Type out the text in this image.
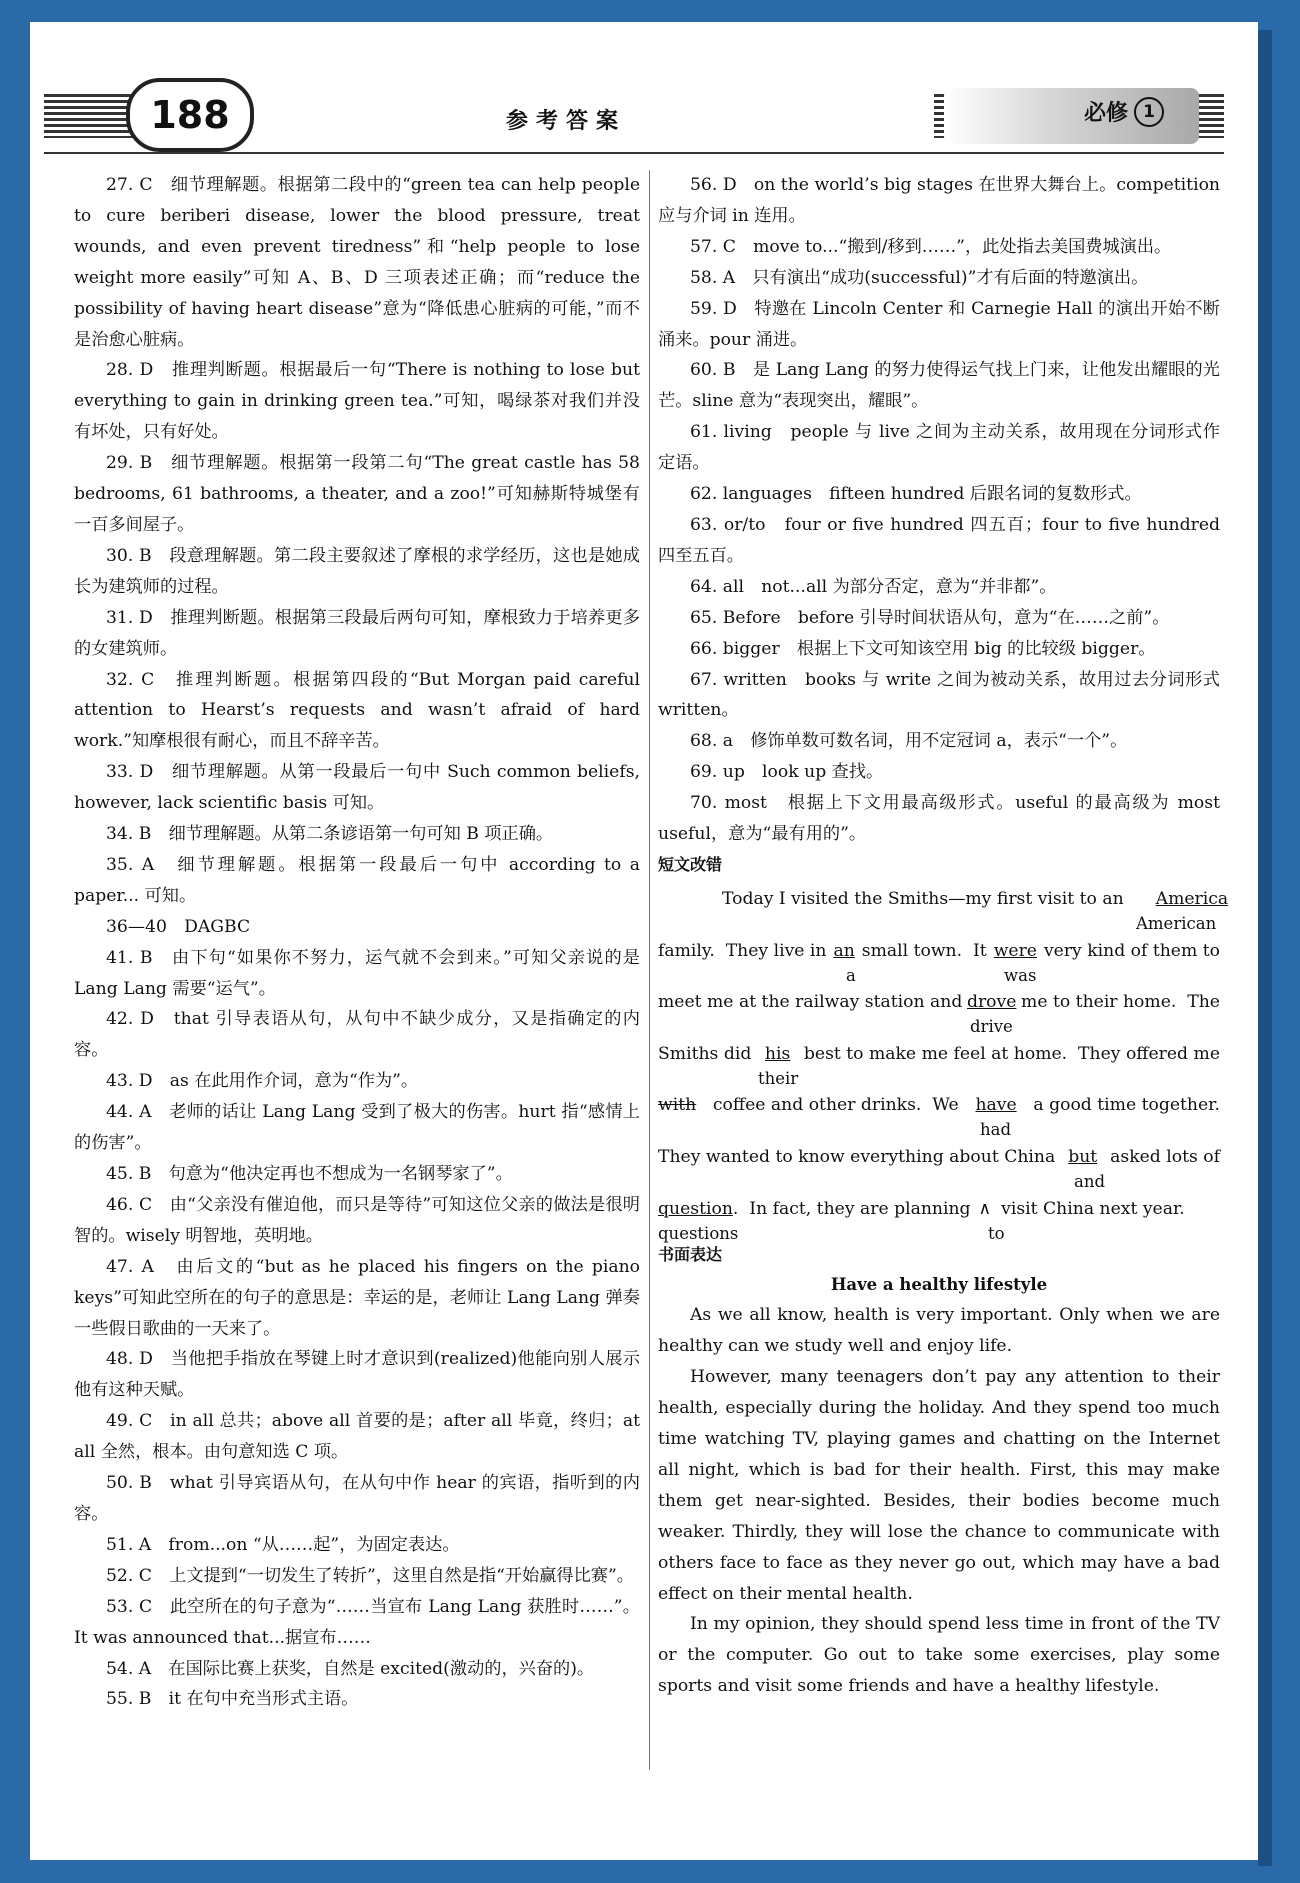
188	参考答案	必修 1

27. C　细节理解题。根据第二段中的“green tea can help people to cure beriberi disease, lower the blood pressure, treat wounds, and even prevent tiredness”和“help people to lose weight more easily”可知 A、B、D 三项表述正确；而“reduce the possibility of having heart disease”意为“降低患心脏病的可能，”而不是治愈心脏病。

28. D　推理判断题。根据最后一句“There is nothing to lose but everything to gain in drinking green tea.”可知，喝绿茶对我们并没有坏处，只有好处。

29. B　细节理解题。根据第一段第二句“The great castle has 58 bedrooms, 61 bathrooms, a theater, and a zoo!”可知赫斯特城堡有一百多间屋子。

30. B　段意理解题。第二段主要叙述了摩根的求学经历，这也是她成长为建筑师的过程。

31. D　推理判断题。根据第三段最后两句可知，摩根致力于培养更多的女建筑师。

32. C　推理判断题。根据第四段的“But Morgan paid careful attention to Hearst’s requests and wasn’t afraid of hard work.”知摩根很有耐心，而且不辞辛苦。

33. D　细节理解题。从第一段最后一句中 Such common beliefs, however, lack scientific basis 可知。

34. B　细节理解题。从第二条谚语第一句可知 B 项正确。

35. A　细节理解题。根据第一段最后一句中 according to a paper... 可知。

36—40　DAGBC

41. B　由下句“如果你不努力，运气就不会到来。”可知父亲说的是 Lang Lang 需要“运气”。

42. D　that 引导表语从句，从句中不缺少成分，又是指确定的内容。

43. D　as 在此用作介词，意为“作为”。

44. A　老师的话让 Lang Lang 受到了极大的伤害。hurt 指“感情上的伤害”。

45. B　句意为“他决定再也不想成为一名钢琴家了”。

46. C　由“父亲没有催迫他，而只是等待”可知这位父亲的做法是很明智的。wisely 明智地，英明地。

47. A　由后文的“but as he placed his fingers on the piano keys”可知此空所在的句子的意思是：幸运的是，老师让 Lang Lang 弹奏一些假日歌曲的一天来了。

48. D　当他把手指放在琴键上时才意识到(realized)他能向别人展示他有这种天赋。

49. C　in all 总共；above all 首要的是；after all 毕竟，终归；at all 全然，根本。由句意知选 C 项。

50. B　what 引导宾语从句，在从句中作 hear 的宾语，指听到的内容。

51. A　from...on “从……起”，为固定表达。

52. C　上文提到“一切发生了转折”，这里自然是指“开始赢得比赛”。

53. C　此空所在的句子意为“……当宣布 Lang Lang 获胜时……”。It was announced that...据宣布……

54. A　在国际比赛上获奖，自然是 excited(激动的，兴奋的)。

55. B　it 在句中充当形式主语。

56. D　on the world’s big stages 在世界大舞台上。competition 应与介词 in 连用。

57. C　move to...“搬到/移到……”，此处指去美国费城演出。

58. A　只有演出“成功(successful)”才有后面的特邀演出。

59. D　特邀在 Lincoln Center 和 Carnegie Hall 的演出开始不断涌来。pour 涌进。

60. B　是 Lang Lang 的努力使得运气找上门来，让他发出耀眼的光芒。sline 意为“表现突出，耀眼”。

61. living　people 与 live 之间为主动关系，故用现在分词形式作定语。

62. languages　fifteen hundred 后跟名词的复数形式。

63. or/to　four or five hundred 四五百；four to five hundred 四至五百。

64. all　not...all 为部分否定，意为“并非都”。

65. Before　before 引导时间状语从句，意为“在……之前”。

66. bigger　根据上下文可知该空用 big 的比较级 bigger。

67. written　books 与 write 之间为被动关系，故用过去分词形式 written。

68. a　修饰单数可数名词，用不定冠词 a，表示“一个”。

69. up　look up 查找。

70. most　根据上下文用最高级形式。useful 的最高级为 most useful，意为“最有用的”。

短文改错

Today I visited the Smiths—my first visit to an	America
American
family.  They live in an small town.  It were very kind of them to
a	was
meet me at the railway station and drove me to their home.  The
drive
Smiths did his best to make me feel at home.  They offered me
their
with coffee and other drinks.  We have a good time together.
had
They wanted to know everything about China but asked lots of
and
question .  In fact, they are planning ∧ visit China next year.
questions	to

书面表达

Have a healthy lifestyle

As we all know, health is very important. Only when we are healthy can we study well and enjoy life.

However, many teenagers don’t pay any attention to their health, especially during the holiday. And they spend too much time watching TV, playing games and chatting on the Internet all night, which is bad for their health. First, this may make them get near-sighted. Besides, their bodies become much weaker. Thirdly, they will lose the chance to communicate with others face to face as they never go out, which may have a bad effect on their mental health.

In my opinion, they should spend less time in front of the TV or the computer. Go out to take some exercises, play some sports and visit some friends and have a healthy lifestyle.
